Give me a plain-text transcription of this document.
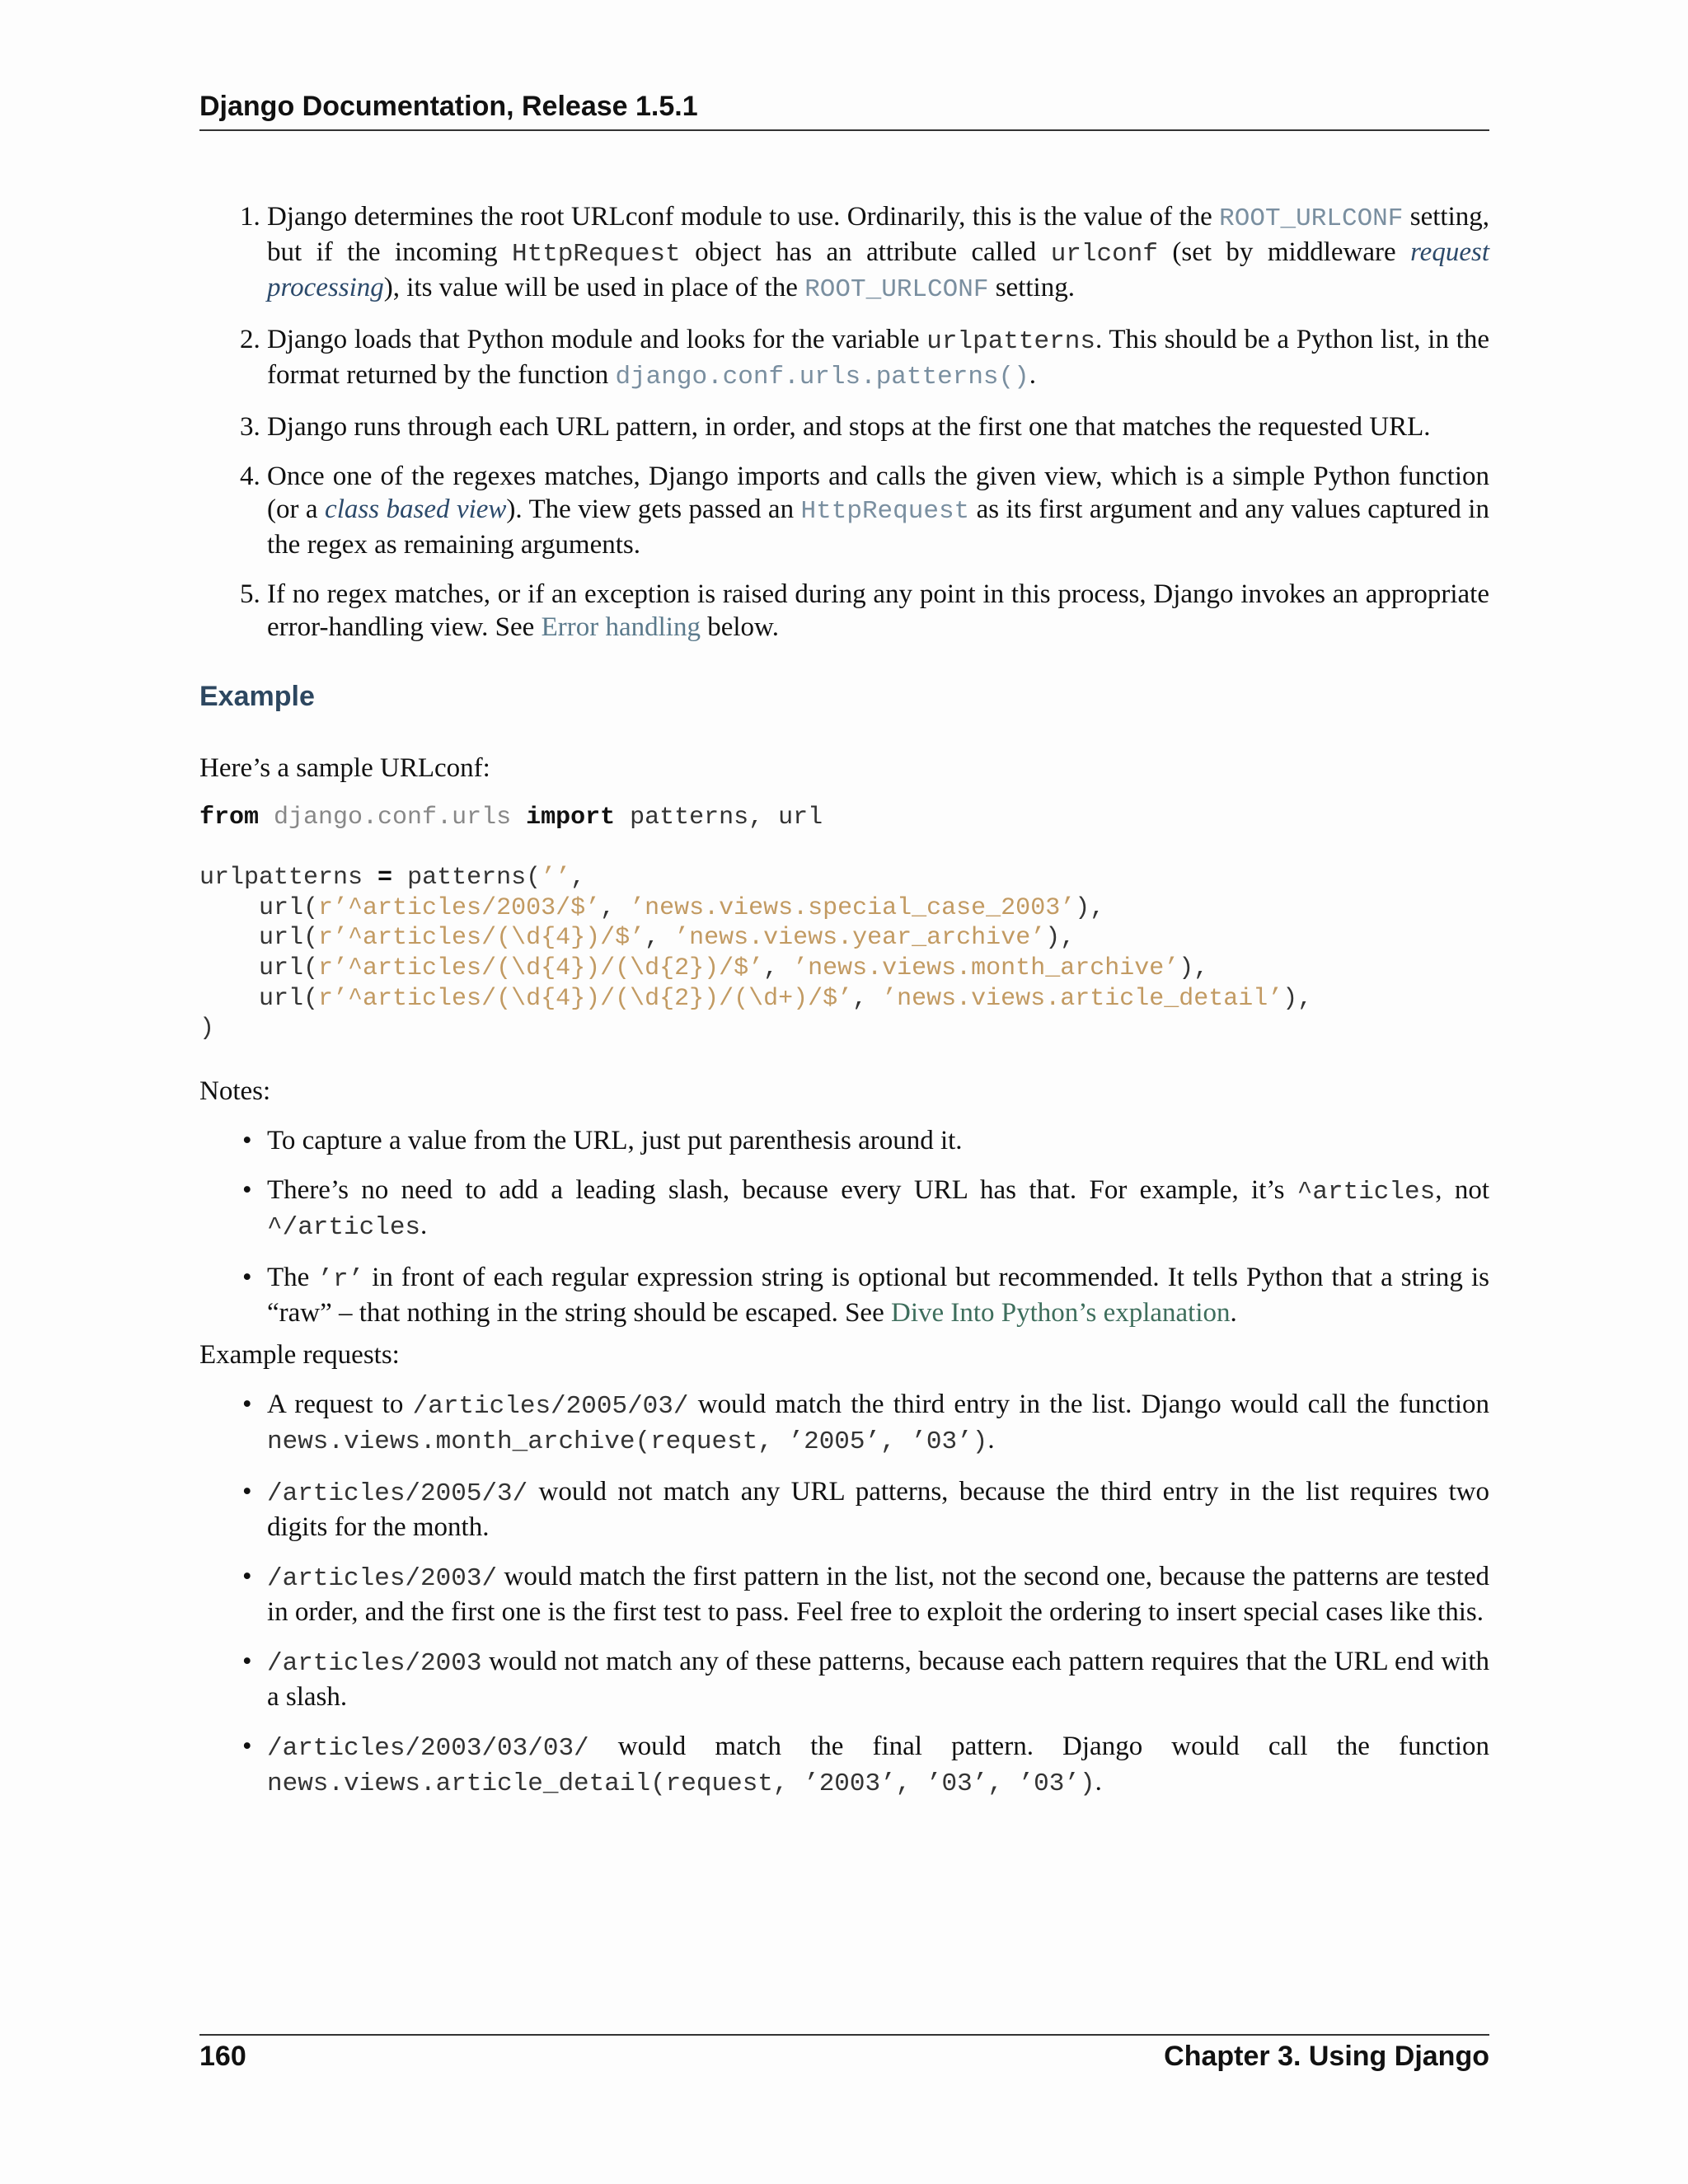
Django Documentation, Release 1.5.1
1. Django determines the root URLconf module to use. Ordinarily, this is the value of the ROOT_URLCONF setting, but if the incoming HttpRequest object has an attribute called urlconf (set by middleware request processing), its value will be used in place of the ROOT_URLCONF setting.
2. Django loads that Python module and looks for the variable urlpatterns. This should be a Python list, in the format returned by the function django.conf.urls.patterns().
3. Django runs through each URL pattern, in order, and stops at the first one that matches the requested URL.
4. Once one of the regexes matches, Django imports and calls the given view, which is a simple Python function (or a class based view). The view gets passed an HttpRequest as its first argument and any values captured in the regex as remaining arguments.
5. If no regex matches, or if an exception is raised during any point in this process, Django invokes an appropriate error-handling view. See Error handling below.
Example

Here’s a sample URLconf:

from django.conf.urls import patterns, url

urlpatterns = patterns(’’,
url(r’^articles/2003/$’, ’news.views.special_case_2003’),
url(r’^articles/(\d{4})/$’, ’news.views.year_archive’),
url(r’^articles/(\d{4})/(\d{2})/$’, ’news.views.month_archive’),
url(r’^articles/(\d{4})/(\d{2})/(\d+)/$’, ’news.views.article_detail’),
)

Notes:

• To capture a value from the URL, just put parenthesis around it.
• There’s no need to add a leading slash, because every URL has that. For example, it’s ^articles, not ^/articles.
• The ’r’ in front of each regular expression string is optional but recommended. It tells Python that a string is “raw” – that nothing in the string should be escaped. See Dive Into Python’s explanation.

Example requests:

• A request to /articles/2005/03/ would match the third entry in the list. Django would call the function news.views.month_archive(request, ’2005’, ’03’).
• /articles/2005/3/ would not match any URL patterns, because the third entry in the list requires two digits for the month.
• /articles/2003/ would match the first pattern in the list, not the second one, because the patterns are tested in order, and the first one is the first test to pass. Feel free to exploit the ordering to insert special cases like this.
• /articles/2003 would not match any of these patterns, because each pattern requires that the URL end with a slash.
• /articles/2003/03/03/ would match the final pattern. Django would call the function news.views.article_detail(request, ’2003’, ’03’, ’03’).
160	Chapter 3. Using Django
